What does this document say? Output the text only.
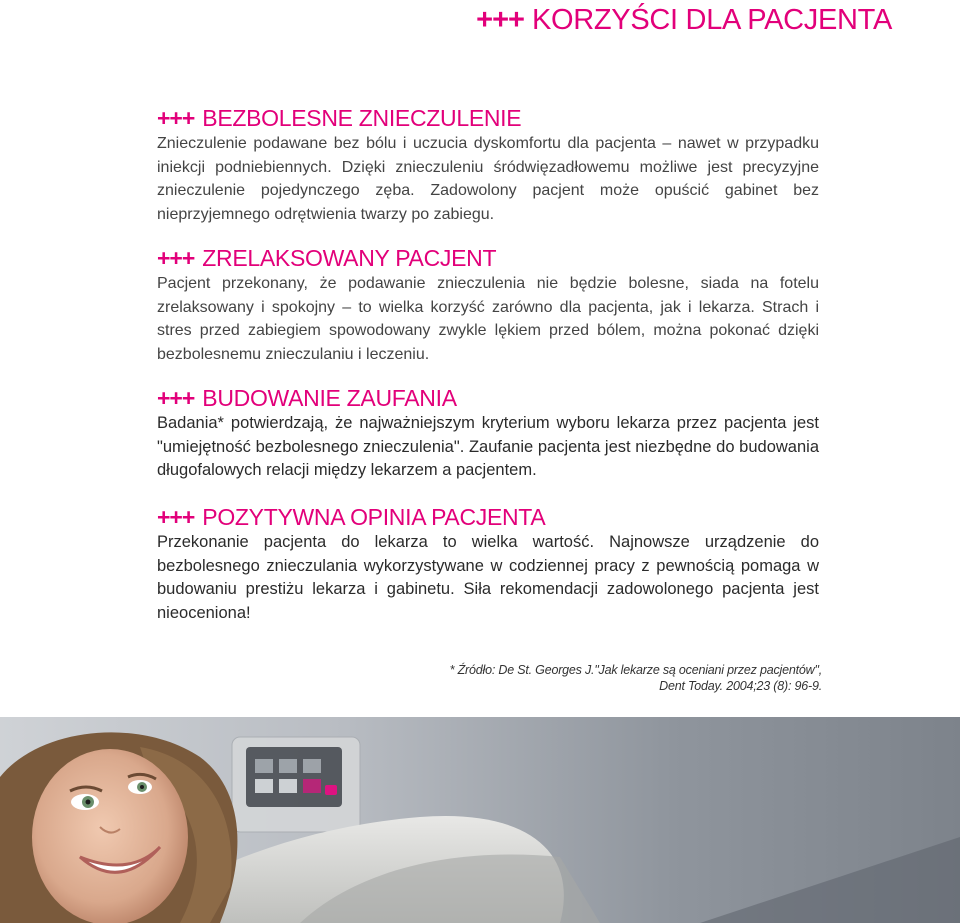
+++ KORZYŚCI DLA PACJENTA
+++ BEZBOLESNE ZNIECZULENIE

Znieczulenie podawane bez bólu i uczucia dyskomfortu dla pacjenta – nawet w przypadku iniekcji podniebiennych. Dzięki znieczuleniu śródwięzadłowemu możliwe jest precyzyjne znieczulenie pojedynczego zęba. Zadowolony pacjent może opuścić gabinet bez nieprzyjemnego odrętwienia twarzy po zabiegu.

+++ ZRELAKSOWANY PACJENT

Pacjent przekonany, że podawanie znieczulenia nie będzie bolesne, siada na fotelu zrelaksowany i spokojny – to wielka korzyść zarówno dla pacjenta, jak i lekarza. Strach i stres przed zabiegiem spowodowany zwykle lękiem przed bólem, można pokonać dzięki bezbolesnemu znieczulaniu i leczeniu.

+++ BUDOWANIE ZAUFANIA

Badania* potwierdzają, że najważniejszym kryterium wyboru lekarza przez pacjenta jest "umiejętność bezbolesnego znieczulenia". Zaufanie pacjenta jest niezbędne do budowania długofalowych relacji między lekarzem a pacjentem.

+++ POZYTYWNA OPINIA PACJENTA

Przekonanie pacjenta do lekarza to wielka wartość. Najnowsze urządzenie do bezbolesnego znieczulania wykorzystywane w codziennej pracy z pewnością pomaga w budowaniu prestiżu lekarza i gabinetu. Siła rekomendacji zadowolonego pacjenta jest nieoceniona!

* Źródło: De St. Georges J."Jak lekarze są oceniani przez pacjentów",
Dent Today. 2004;23 (8): 96-9.
